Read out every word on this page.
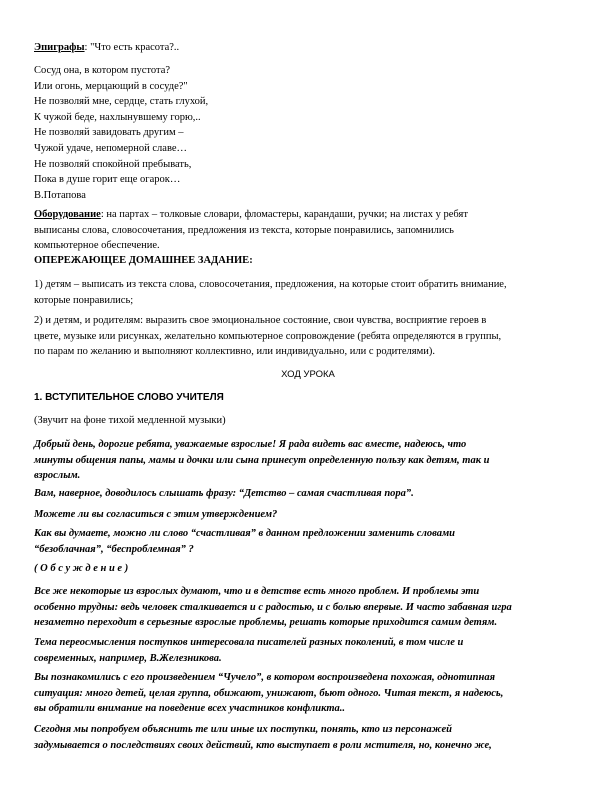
Эпиграфы: "Что есть красота?..
Сосуд она, в котором пустота?
Или огонь, мерцающий в сосуде?"
Не позволяй мне, сердце, стать глухой,
К чужой беде, нахлынувшему горю,..
Не позволяй завидовать другим –
Чужой удаче, непомерной славе…
Не позволяй спокойной пребывать,
Пока в душе горит еще огарок…
В.Потапова
Оборудование: на партах – толковые словари, фломастеры, карандаши, ручки; на листах у ребят
выписаны слова, словосочетания, предложения из текста, которые понравились, запомнились
компьютерное обеспечение.
ОПЕРЕЖАЮЩЕЕ ДОМАШНЕЕ ЗАДАНИЕ:
1) детям – выписать из текста слова, словосочетания, предложения, на которые стоит обратить внимание,
которые понравились;
2) и детям, и родителям: выразить свое эмоциональное состояние, свои чувства, восприятие героев в
цвете, музыке или рисунках, желательно компьютерное сопровождение (ребята определяются в группы,
по парам по желанию и выполняют коллективно, или индивидуально, или с родителями).
ХОД УРОКА
1. ВСТУПИТЕЛЬНОЕ СЛОВО УЧИТЕЛЯ
(Звучит на фоне тихой медленной музыки)
Добрый день, дорогие ребята, уважаемые взрослые! Я рада видеть вас вместе, надеюсь, что
минуты общения папы, мамы и дочки или сына принесут определенную пользу как детям, так и
взрослым.
Вам, наверное, доводилось слышать фразу: “Детство – самая счастливая пора”.
Можете ли вы согласиться с этим утверждением?
Как вы думаете, можно ли слово “счастливая” в данном предложении заменить словами
“безоблачная”, “беспроблемная” ?
( О б с у ж д е н и е )
Все же некоторые из взрослых думают, что и в детстве есть много проблем. И проблемы эти
особенно трудны: ведь человек сталкивается и с радостью, и с болью впервые. И часто забавная игра
незаметно переходит в серьезные взрослые проблемы, решать которые приходится самим детям.
Тема переосмысления поступков интересовала писателей разных поколений, в том числе и
современных, например, В.Железникова.
Вы познакомились с его произведением “Чучело”, в котором воспроизведена похожая, однотипная
ситуация: много детей, целая группа, обижают, унижают, бьют одного. Читая текст, я надеюсь,
вы обратили внимание на поведение всех участников конфликта..
Сегодня мы попробуем объяснить те или иные их поступки, понять, кто из персонажей
задумывается о последствиях своих действий, кто выступает в роли мстителя, но, конечно же,
